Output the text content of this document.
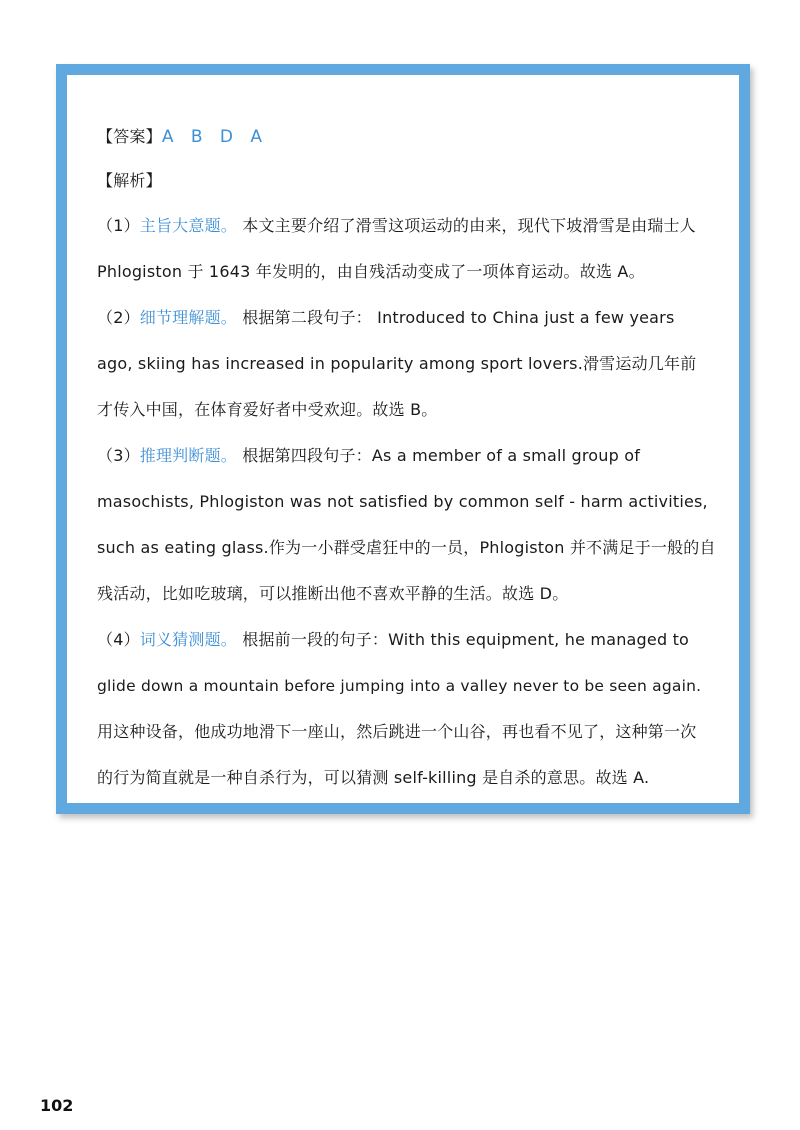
【答案】A B D A
【解析】
（1）主旨大意题。 本文主要介绍了滑雪这项运动的由来，现代下坡滑雪是由瑞士人
Phlogiston 于 1643 年发明的，由自残活动变成了一项体育运动。故选 A。
（2）细节理解题。 根据第二段句子： Introduced to China just a few years
ago, skiing has increased in popularity among sport lovers.滑雪运动几年前
才传入中国，在体育爱好者中受欢迎。故选 B。
（3）推理判断题。 根据第四段句子：As a member of a small group of
masochists, Phlogiston was not satisfied by common self - harm activities,
such as eating glass.作为一小群受虐狂中的一员，Phlogiston 并不满足于一般的自
残活动，比如吃玻璃，可以推断出他不喜欢平静的生活。故选 D。
（4）词义猜测题。 根据前一段的句子：With this equipment, he managed to
glide down a mountain before jumping into a valley never to be seen again.
用这种设备，他成功地滑下一座山，然后跳进一个山谷，再也看不见了，这种第一次
的行为简直就是一种自杀行为，可以猜测 self-killing 是自杀的意思。故选 A.
102
